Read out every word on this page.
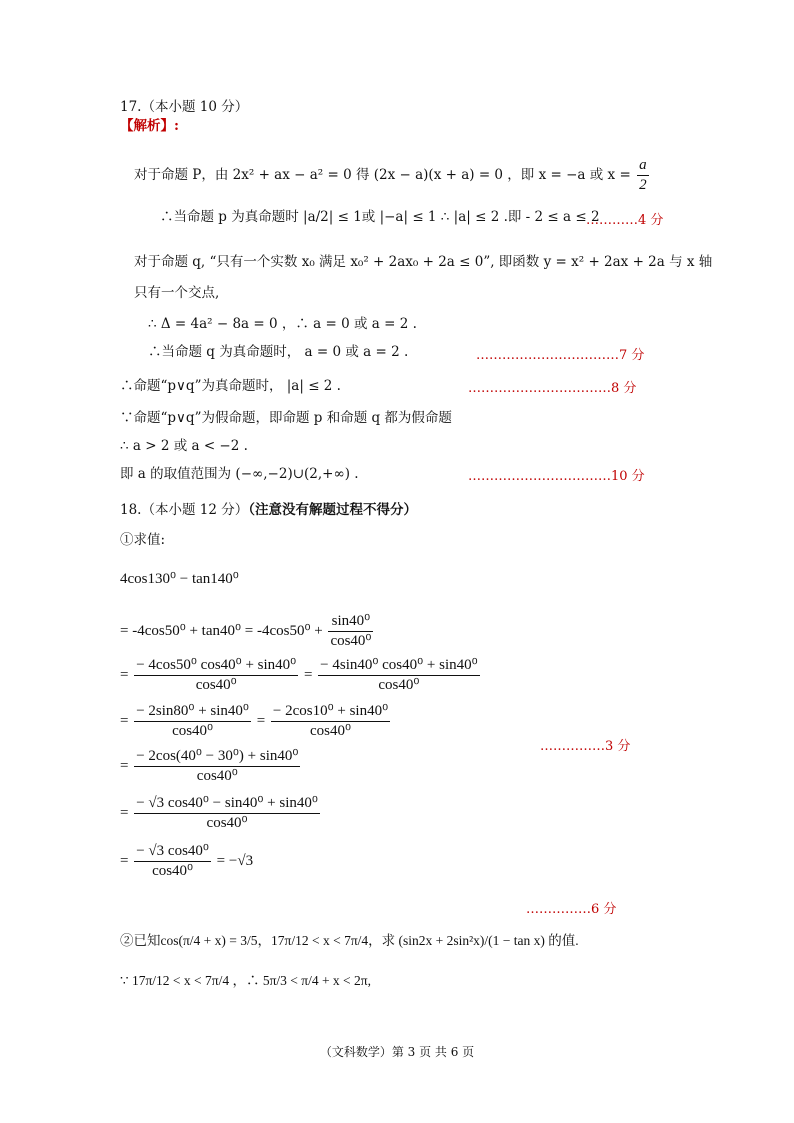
17.（本小题 10 分）
【解析】:
对于命题 P，由 2x² + ax − a² = 0 得 (2x − a)(x + a) = 0 ，即 x = −a 或 $x = \frac{a}{2}$
∴当命题 p 为真命题时 |a/2| ≤ 1或 |−a| ≤ 1 ∴ |a| ≤ 2 .即 - 2 ≤ a ≤ 2
…………4 分
对于命题 q, “只有一个实数 x₀ 满足 x₀² + 2ax₀ + 2a ≤ 0”, 即函数 y = x² + 2ax + 2a 与 x 轴
只有一个交点,
∴ Δ = 4a² − 8a = 0 ，∴ a = 0 或 a = 2 .
∴当命题 q 为真命题时， a = 0 或 a = 2 .	……………………………7 分
∴命题“p∨q”为真命题时， |a| ≤ 2 .	……………………………8 分
∵命题“p∨q”为假命题，即命题 p 和命题 q 都为假命题
∴ a > 2 或 a < −2 .
即 a 的取值范围为 (−∞,−2)∪(2,+∞) .	……………………………10 分
18.（本小题 12 分）（注意没有解题过程不得分）
①求值:
4cos130⁰ − tan140⁰
= $-4\cos 50^0 + \tan 40^0 = -4\cos 50^0 + \frac{\text{sin40⁰}}{\text{cos40⁰}}$
= $\frac{\text{− 4cos50⁰ cos40⁰ + sin40⁰}}{\text{cos40⁰}} = \frac{\text{− 4sin40⁰ cos40⁰ + sin40⁰}}{\text{cos40⁰}}$
= $\frac{\text{− 2sin80⁰ + sin40⁰}}{\text{cos40⁰}} = \frac{\text{− 2cos10⁰ + sin40⁰}}{\text{cos40⁰}}$
……………3 分
= $\frac{\text{− 2cos(40⁰ − 30⁰) + sin40⁰}}{\text{cos40⁰}}$
= $\frac{\text{− √3 cos40⁰ − sin40⁰ + sin40⁰}}{\text{cos40⁰}}$
= $\frac{\text{− √3 cos40⁰}}{\text{cos40⁰}} = -√3$
……………6 分
②已知cos(π/4 + x) = 3/5，17π/12 < x < 7π/4，求 (sin2x + 2sin²x)/(1 − tan x) 的值.
∵ 17π/12 < x < 7π/4 ，∴ 5π/3 < π/4 + x < 2π,
（文科数学）第 3 页 共 6 页
